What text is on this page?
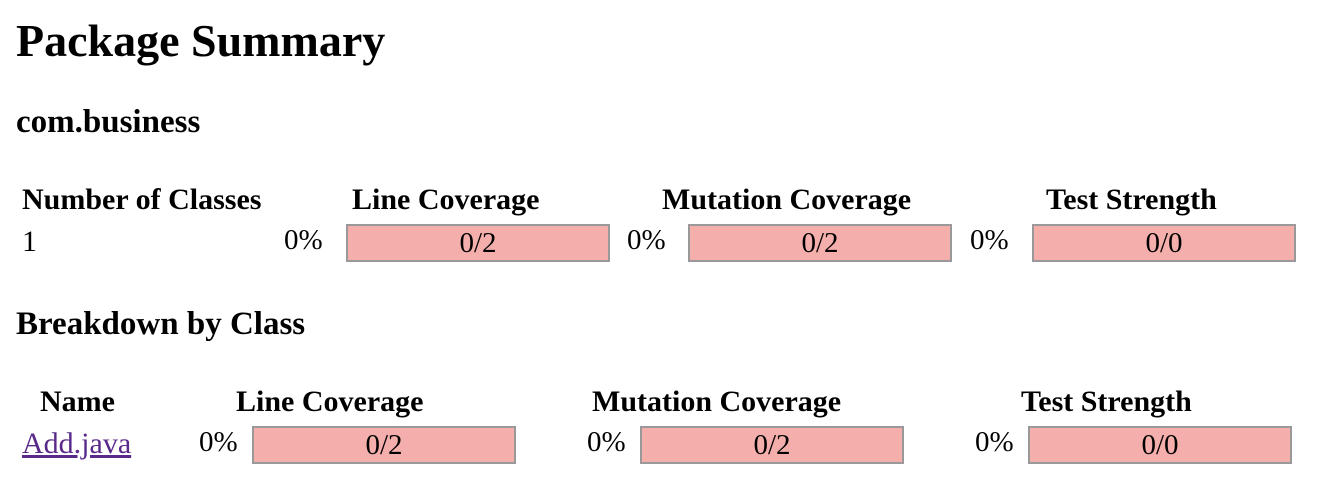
Package Summary
com.business
Number of Classes	Line Coverage	Mutation Coverage	Test Strength
1	0%	0/2	0%	0/2	0%	0/0
Breakdown by Class
Name	Line Coverage	Mutation Coverage	Test Strength
Add.java 0%	0/2	0%	0/2	0%	0/0
